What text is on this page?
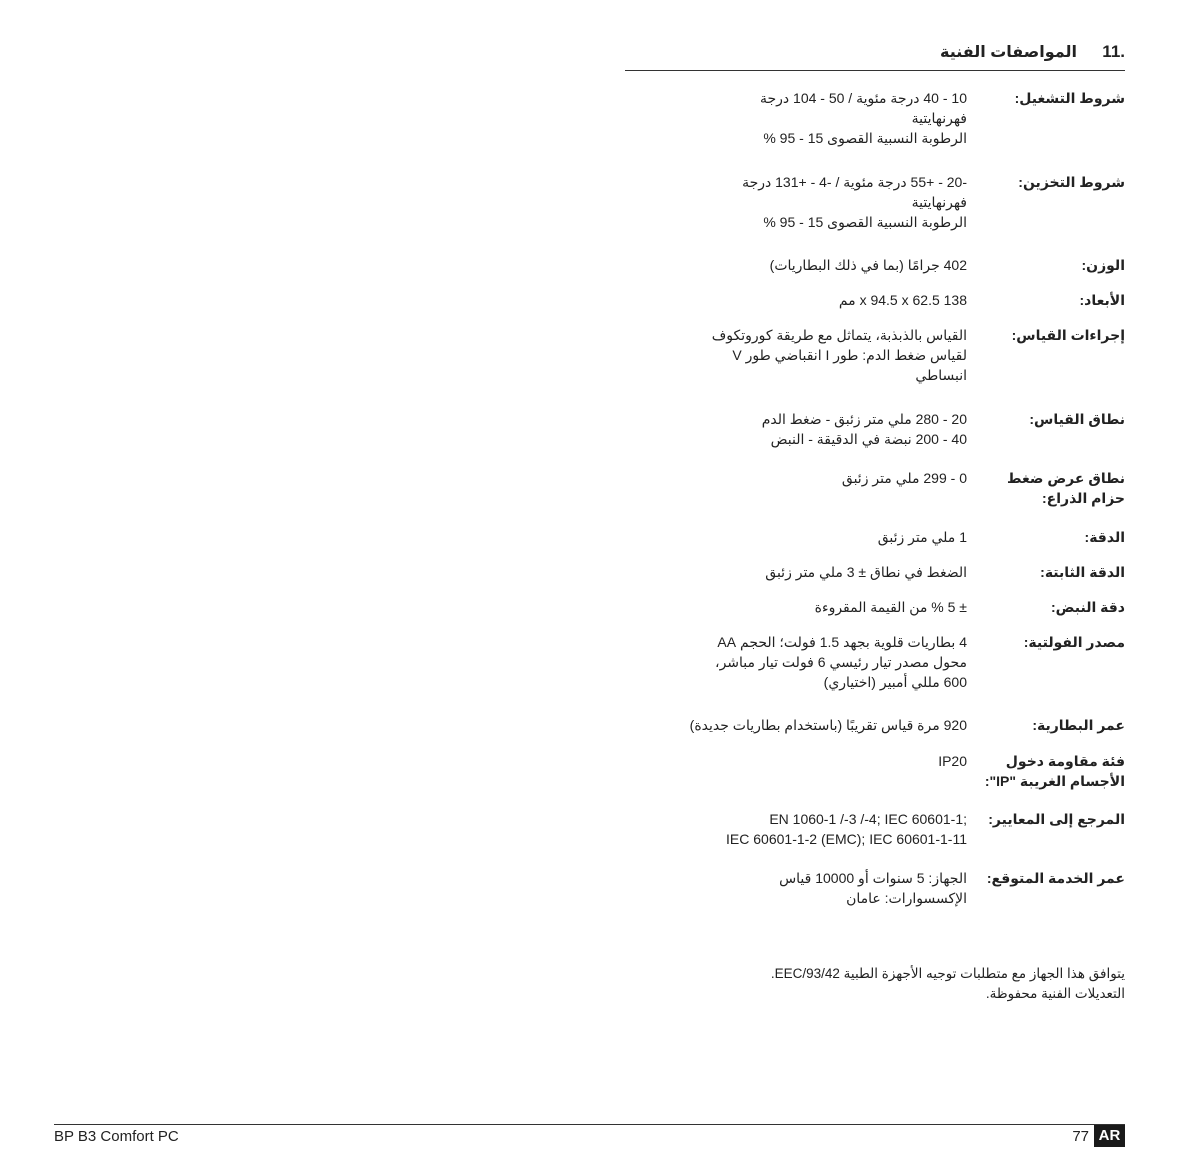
11.
المواصفات الفنية
شروط التشغيل:
10 - 40 درجة مئوية / 50 - 104 درجة
فهرنهايتية
الرطوبة النسبية القصوى 15 - 95 %
شروط التخزين:
-20 - +55 درجة مئوية / -4 - +131 درجة
فهرنهايتية
الرطوبة النسبية القصوى 15 - 95 %
الوزن:
402 جرامًا (بما في ذلك البطاريات)
الأبعاد:
138 x 94.5 x 62.5 مم
إجراءات القياس:
القياس بالذبذبة، يتماثل مع طريقة كوروتكوف
لقياس ضغط الدم: طور I انقباضي طور V
انبساطي
نطاق القياس:
20 - 280 ملي متر زئبق - ضغط الدم
40 - 200 نبضة في الدقيقة - النبض
نطاق عرض ضغط حزام الذراع:
0 - 299 ملي متر زئبق
الدقة:
1 ملي متر زئبق
الدقة الثابتة:
الضغط في نطاق ± 3 ملي متر زئبق
دقة النبض:
± 5 % من القيمة المقروءة
مصدر الفولتية:
4 بطاريات قلوية بجهد 1.5 فولت؛ الحجم AA
محول مصدر تيار رئيسي 6 فولت تيار مباشر،
600 مللي أمبير (اختياري)
عمر البطارية:
920 مرة قياس تقريبًا (باستخدام بطاريات جديدة)
فئة مقاومة دخول الأجسام الغريبة "IP":
IP20
المرجع إلى المعايير:
EN 1060-1 /-3 /-4; IEC 60601-1;
IEC 60601-1-2 (EMC); IEC 60601-1-11
عمر الخدمة المتوقع:
الجهاز: 5 سنوات أو 10000 قياس
الإكسسوارات: عامان
يتوافق هذا الجهاز مع متطلبات توجيه الأجهزة الطبية 93/42/EEC.
التعديلات الفنية محفوظة.
BP B3 Comfort PC	77 AR
